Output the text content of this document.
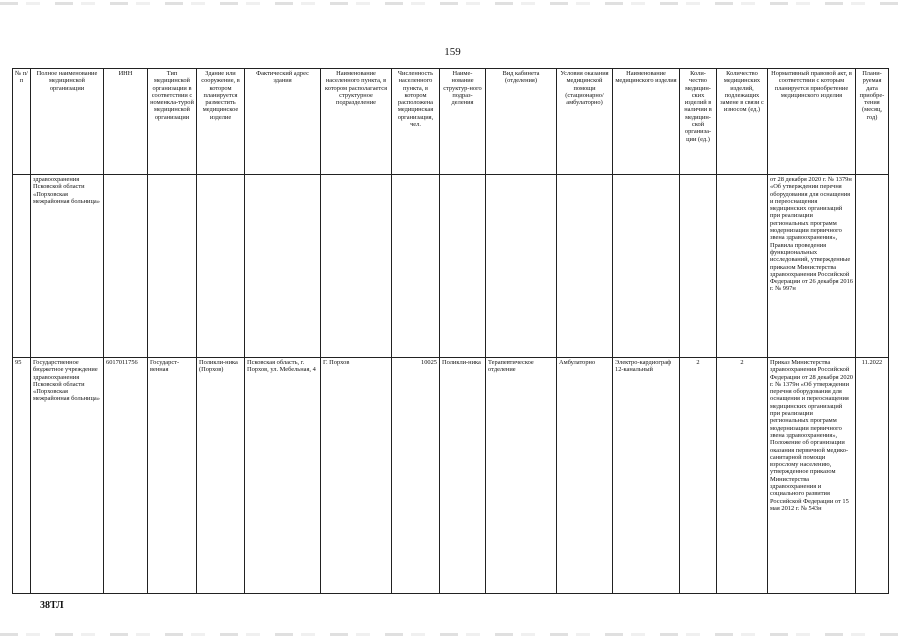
159
№ п/п	Полное наименование медицинской организации	ИНН	Тип медицинской организации в соответствии с номенкла-турой медицинской организации	Здание или сооружение, в котором планируется разместить медицинское изделие	Фактический адрес здания	Наименование населенного пункта, в котором располагается структурное подразделение	Численность населенного пункта, в котором расположена медицинская организация, чел.	Наиме-нование структур-ного подраз-деления	Вид кабинета (отделения)	Условия оказания медицинской помощи (стационарно/ амбулаторно)	Наименование медицинского изделия	Коли-чество медицин-ских изделий в наличии в медицин-ской организа-ции (ед.)	Количество медицинских изделий, подлежащих замене в связи с износом (ед.)	Нормативный правовой акт, в соответствии с которым планируется приобретение медицинского изделия	Плани-руемая дата приобре-тения (месяц, год)
	здравоохранения Псковской области «Порховская межрайонная больница»													от 28 декабря 2020 г. № 1379н «Об утверждении перечня оборудования для оснащения и переоснащения медицинских организаций при реализации региональных программ модернизации первичного звена здравоохранения», Правила проведения функциональных исследований, утвержденные приказом Министерства здравоохранения Российской Федерации от 26 декабря 2016 г. № 997н	
95	Государственное бюджетное учреждение здравоохранения Псковской области «Порховская межрайонная больница»	6017011756	Государст-венная	Поликли-ника (Порхов)	Псковская область, г. Порхов, ул. Мебельная, 4	Г. Порхов	10025	Поликли-ника	Терапевтическое отделение	Амбулаторно	Электро-кардиограф 12-канальный	2	2	Приказ Министерства здравоохранения Российской Федерации от 28 декабря 2020 г. № 1379н «Об утверждении перечня оборудования для оснащения и переоснащения медицинских организаций при реализации региональных программ модернизации первичного звена здравоохранения», Положение об организации оказания первичной медико-санитарной помощи взрослому населению, утвержденное приказом Министерства здравоохранения и социального развития Российской Федерации от 15 мая 2012 г. № 543н	11.2022
38ТЛ
